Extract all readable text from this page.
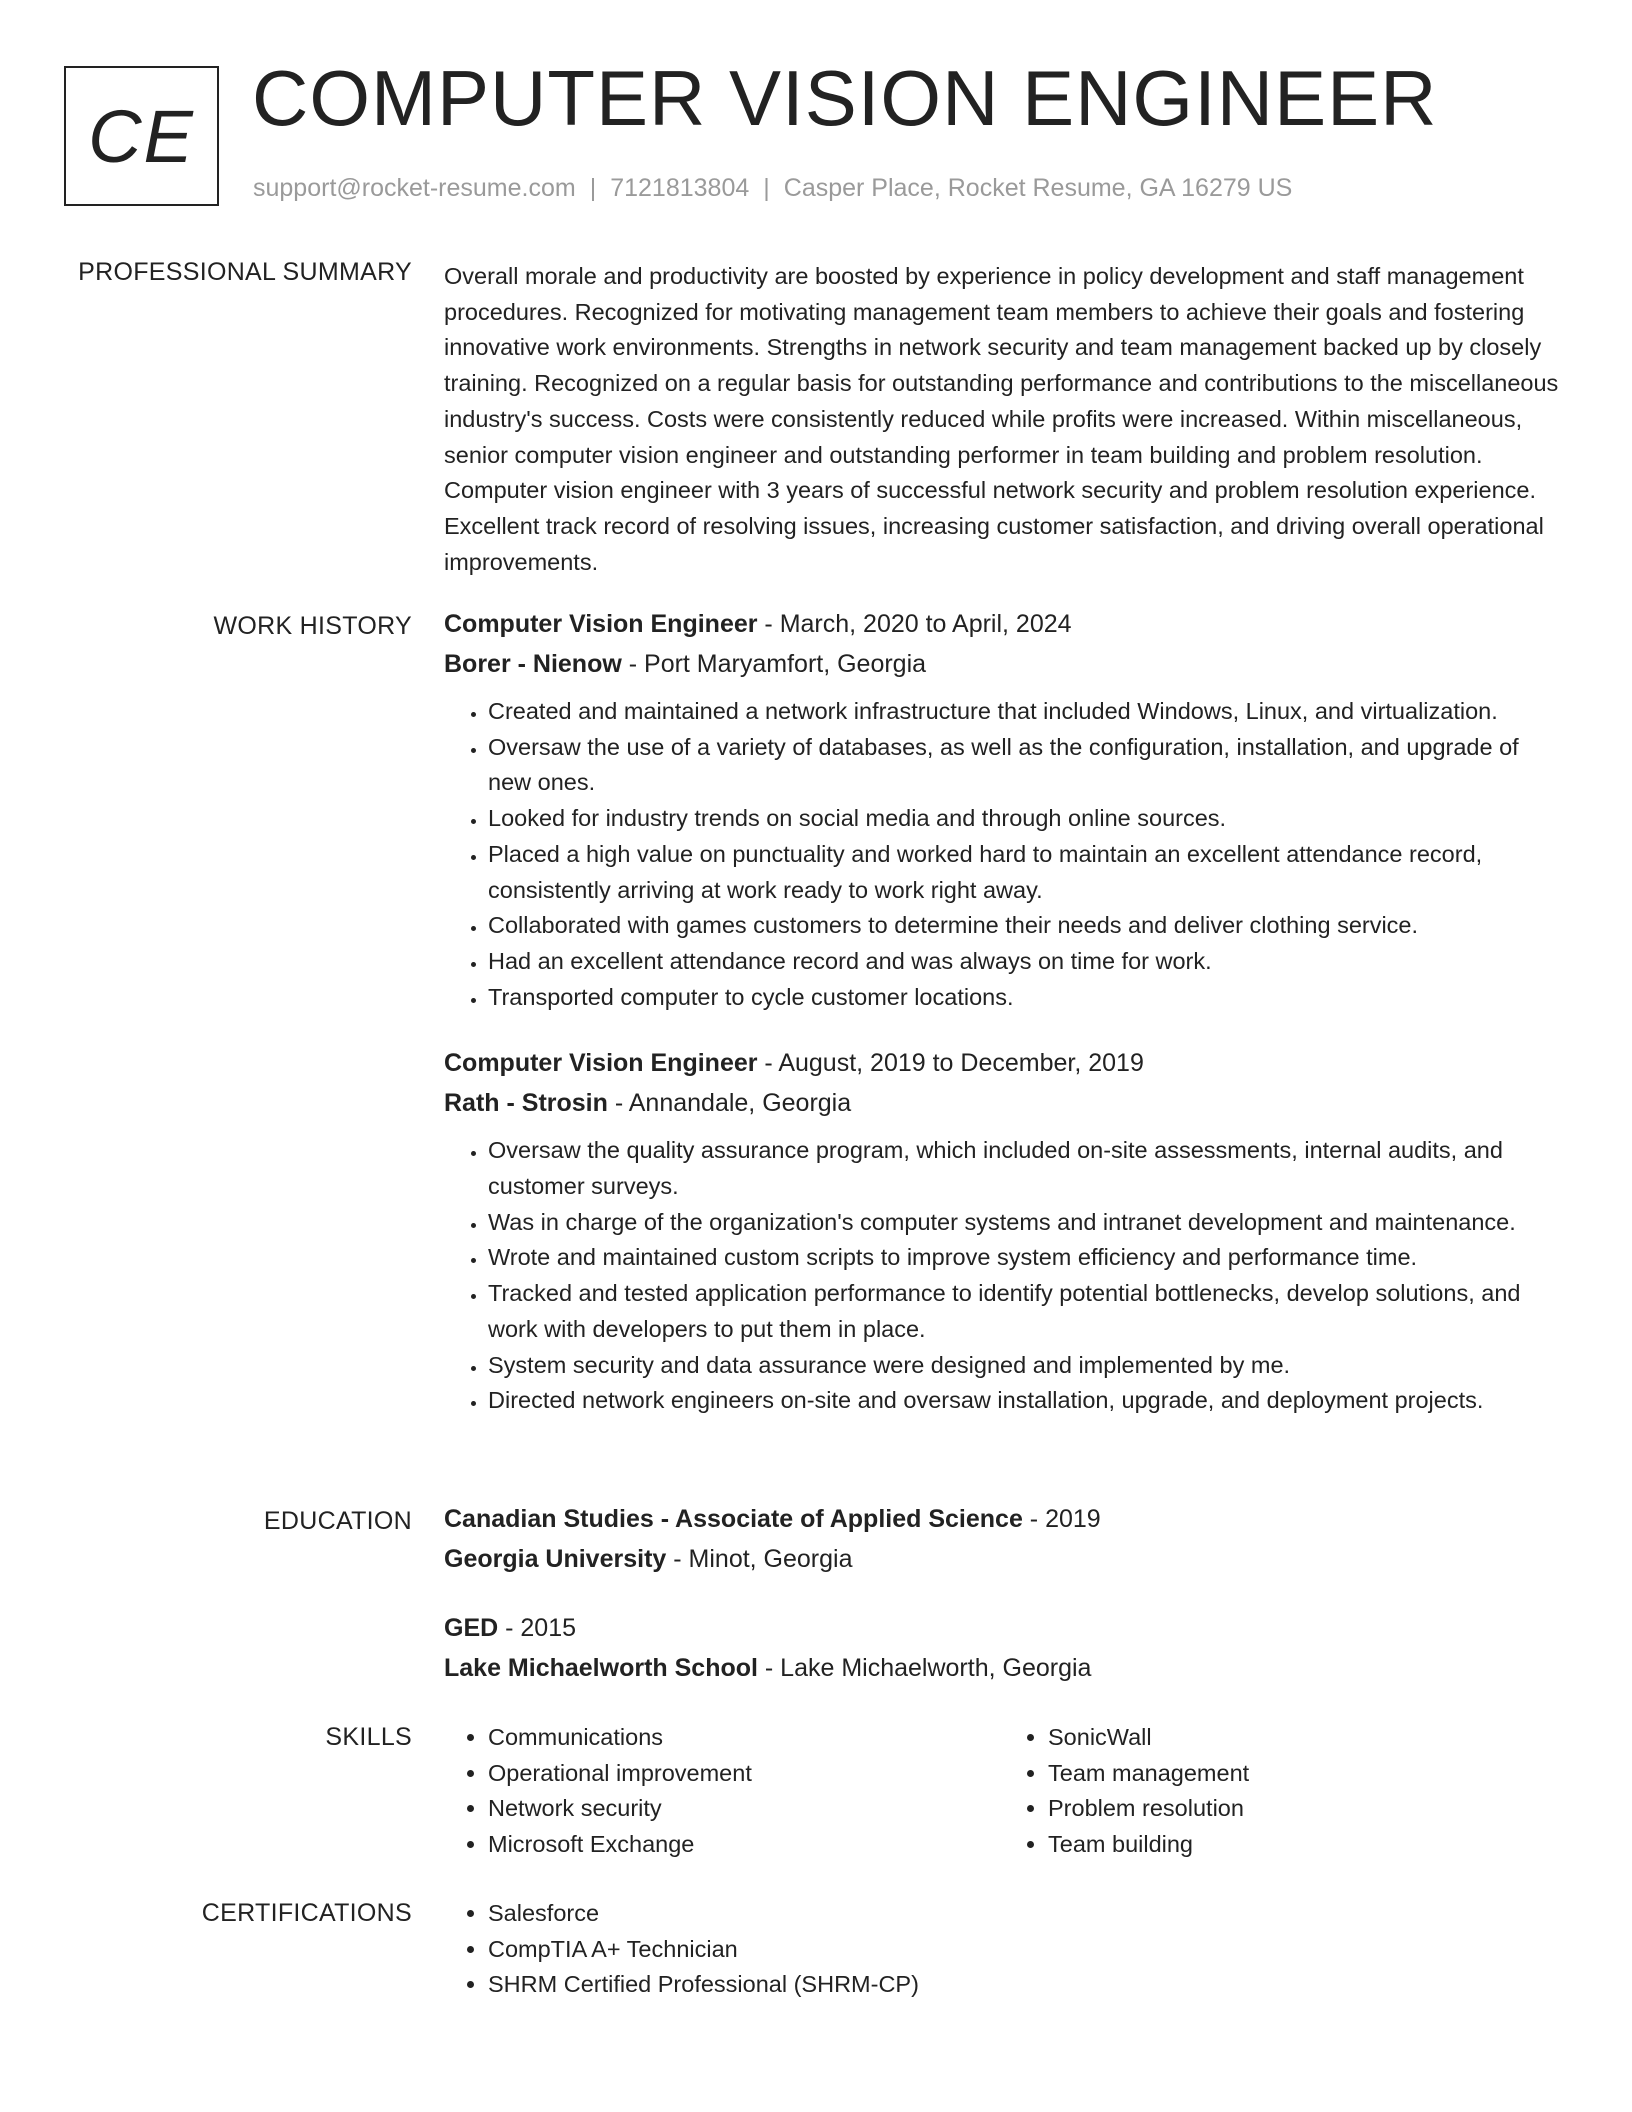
CE COMPUTER VISION ENGINEER
support@rocket-resume.com | 7121813804 | Casper Place, Rocket Resume, GA 16279 US
PROFESSIONAL SUMMARY Overall morale and productivity are boosted by experience in policy development and staff management procedures. Recognized for motivating management team members to achieve their goals and fostering innovative work environments. Strengths in network security and team management backed up by closely training. Recognized on a regular basis for outstanding performance and contributions to the miscellaneous industry's success. Costs were consistently reduced while profits were increased. Within miscellaneous, senior computer vision engineer and outstanding performer in team building and problem resolution. Computer vision engineer with 3 years of successful network security and problem resolution experience. Excellent track record of resolving issues, increasing customer satisfaction, and driving overall operational improvements.

WORK HISTORY Computer Vision Engineer - March, 2020 to April, 2024
Borer - Nienow - Port Maryamfort, Georgia
• Created and maintained a network infrastructure that included Windows, Linux, and virtualization.
• Oversaw the use of a variety of databases, as well as the configuration, installation, and upgrade of new ones.
• Looked for industry trends on social media and through online sources.
• Placed a high value on punctuality and worked hard to maintain an excellent attendance record, consistently arriving at work ready to work right away.
• Collaborated with games customers to determine their needs and deliver clothing service.
• Had an excellent attendance record and was always on time for work.
• Transported computer to cycle customer locations.
Computer Vision Engineer - August, 2019 to December, 2019
Rath - Strosin - Annandale, Georgia
• Oversaw the quality assurance program, which included on-site assessments, internal audits, and customer surveys.
• Was in charge of the organization's computer systems and intranet development and maintenance.
• Wrote and maintained custom scripts to improve system efficiency and performance time.
• Tracked and tested application performance to identify potential bottlenecks, develop solutions, and work with developers to put them in place.
• System security and data assurance were designed and implemented by me.
• Directed network engineers on-site and oversaw installation, upgrade, and deployment projects.
EDUCATION Canadian Studies - Associate of Applied Science - 2019
Georgia University - Minot, Georgia
GED - 2015
Lake Michaelworth School - Lake Michaelworth, Georgia
SKILLS	• Communications
• Operational improvement
• Network security
• Microsoft Exchange
• SonicWall
• Team management
• Problem resolution
• Team building
CERTIFICATIONS	• Salesforce
• CompTIA A+ Technician
• SHRM Certified Professional (SHRM-CP)
